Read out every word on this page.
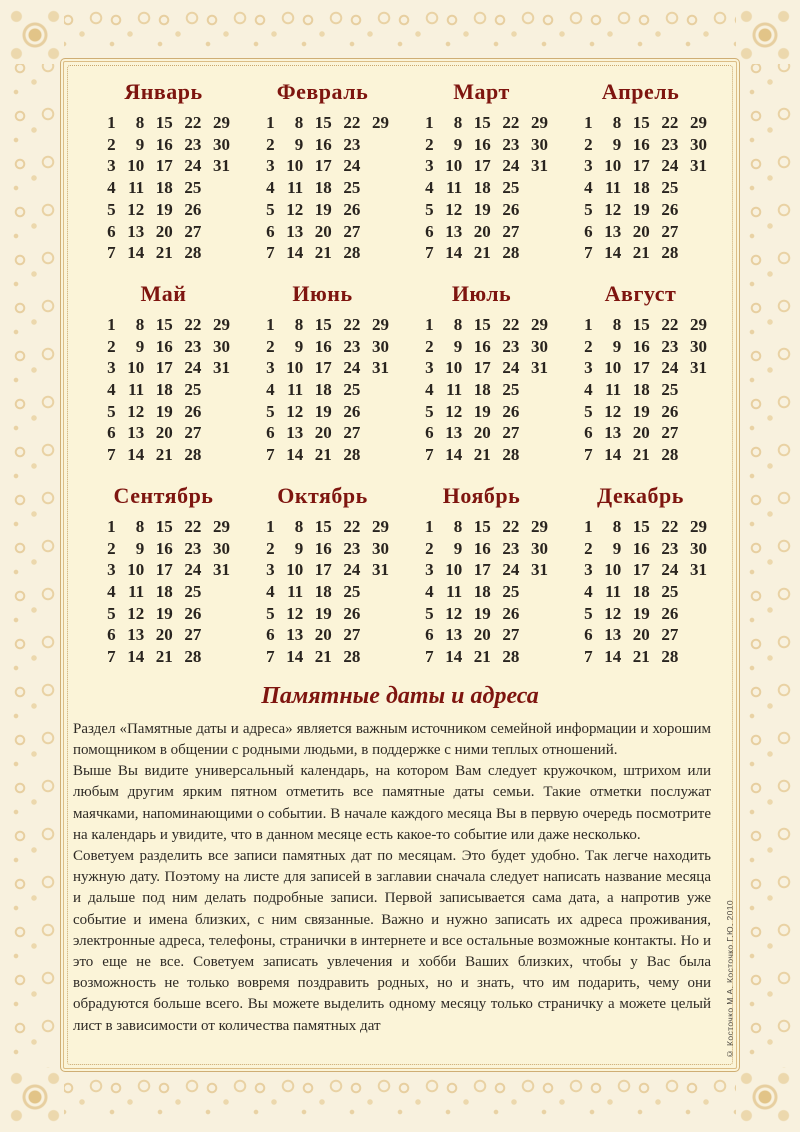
Январь
1	8 15 22 29
2	9 16 23 30
3 10 17 24 31
4 11 18 25
5 12 19 26
6 13 20 27
7 14 21 28
Февраль
1	8 15 22 29
2	9 16 23
3 10 17 24
4 11 18 25
5 12 19 26
6 13 20 27
7 14 21 28
Март
1	8 15 22 29
2	9 16 23 30
3 10 17 24 31
4 11 18 25
5 12 19 26
6 13 20 27
7 14 21 28
Апрель
1	8 15 22 29
2	9 16 23 30
3 10 17 24 31
4 11 18 25
5 12 19 26
6 13 20 27
7 14 21 28
Май
1	8 15 22 29
2	9 16 23 30
3 10 17 24 31
4 11 18 25
5 12 19 26
6 13 20 27
7 14 21 28
Июнь
1	8 15 22 29
2	9 16 23 30
3 10 17 24 31
4 11 18 25
5 12 19 26
6 13 20 27
7 14 21 28
Июль
1	8 15 22 29
2	9 16 23 30
3 10 17 24 31
4 11 18 25
5 12 19 26
6 13 20 27
7 14 21 28
Август
1	8 15 22 29
2	9 16 23 30
3 10 17 24 31
4 11 18 25
5 12 19 26
6 13 20 27
7 14 21 28
Сентябрь
1	8 15 22 29
2	9 16 23 30
3 10 17 24 31
4 11 18 25
5 12 19 26
6 13 20 27
7 14 21 28
Октябрь
1	8 15 22 29
2	9 16 23 30
3 10 17 24 31
4 11 18 25
5 12 19 26
6 13 20 27
7 14 21 28
Ноябрь
1	8 15 22 29
2	9 16 23 30
3 10 17 24 31
4 11 18 25
5 12 19 26
6 13 20 27
7 14 21 28
Декабрь
1	8 15 22 29
2	9 16 23 30
3 10 17 24 31
4 11 18 25
5 12 19 26
6 13 20 27
7 14 21 28
Памятные даты и адреса

Раздел «Памятные даты и адреса» является важным источником семейной информации и хорошим помощником в общении с родными людьми, в поддержке с ними теплых отношений.

Выше Вы видите универсальный календарь, на котором Вам следует кружочком, штрихом или любым другим ярким пятном отметить все памятные даты семьи. Такие отметки послужат маячками, напоминающими о событии. В начале каждого месяца Вы в первую очередь посмотрите на календарь и увидите, что в данном месяце есть какое-то событие или даже несколько.

Советуем разделить все записи памятных дат по месяцам. Это будет удобно. Так легче находить нужную дату. Поэтому на листе для записей в заглавии сначала следует написать название месяца и дальше под ним делать подробные записи. Первой записывается сама дата, а напротив уже событие и имена близких, с ним связанные. Важно и нужно записать их адреса проживания, электронные адреса, телефоны, странички в интернете и все остальные возможные контакты. Но и это еще не все. Советуем записать увлечения и хобби Ваших близких, чтобы у Вас была возможность не только вовремя поздравить родных, но и знать, что им подарить, чему они обрадуются больше всего. Вы можете выделить одному месяцу только страничку а можете целый лист в зависимости от количества памятных дат	© Косточко М.А. Косточко Г.Ю. 2010
